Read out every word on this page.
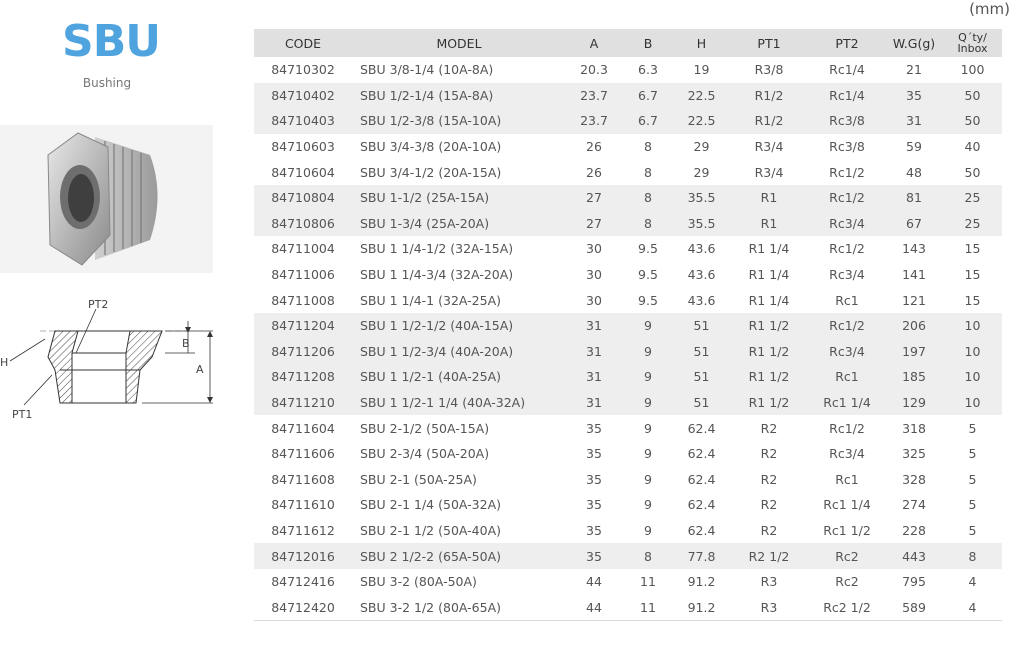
SBU
Bushing
(mm)
PT2
H
PT1
A
B
CODE	MODEL	A	B	H	PT1	PT2	W.G(g)	Q´ty/ Inbox
84710302	SBU 3/8-1/4 (10A-8A)	20.3	6.3	19	R3/8	Rc1/4	21	100
84710402	SBU 1/2-1/4 (15A-8A)	23.7	6.7	22.5	R1/2	Rc1/4	35	50
84710403	SBU 1/2-3/8 (15A-10A)	23.7	6.7	22.5	R1/2	Rc3/8	31	50
84710603	SBU 3/4-3/8 (20A-10A)	26	8	29	R3/4	Rc3/8	59	40
84710604	SBU 3/4-1/2 (20A-15A)	26	8	29	R3/4	Rc1/2	48	50
84710804	SBU 1-1/2 (25A-15A)	27	8	35.5	R1	Rc1/2	81	25
84710806	SBU 1-3/4 (25A-20A)	27	8	35.5	R1	Rc3/4	67	25
84711004	SBU 1 1/4-1/2 (32A-15A)	30	9.5	43.6	R1 1/4	Rc1/2	143	15
84711006	SBU 1 1/4-3/4 (32A-20A)	30	9.5	43.6	R1 1/4	Rc3/4	141	15
84711008	SBU 1 1/4-1 (32A-25A)	30	9.5	43.6	R1 1/4	Rc1	121	15
84711204	SBU 1 1/2-1/2 (40A-15A)	31	9	51	R1 1/2	Rc1/2	206	10
84711206	SBU 1 1/2-3/4 (40A-20A)	31	9	51	R1 1/2	Rc3/4	197	10
84711208	SBU 1 1/2-1 (40A-25A)	31	9	51	R1 1/2	Rc1	185	10
84711210	SBU 1 1/2-1 1/4 (40A-32A)	31	9	51	R1 1/2	Rc1 1/4	129	10
84711604	SBU 2-1/2 (50A-15A)	35	9	62.4	R2	Rc1/2	318	5
84711606	SBU 2-3/4 (50A-20A)	35	9	62.4	R2	Rc3/4	325	5
84711608	SBU 2-1 (50A-25A)	35	9	62.4	R2	Rc1	328	5
84711610	SBU 2-1 1/4 (50A-32A)	35	9	62.4	R2	Rc1 1/4	274	5
84711612	SBU 2-1 1/2 (50A-40A)	35	9	62.4	R2	Rc1 1/2	228	5
84712016	SBU 2 1/2-2 (65A-50A)	35	8	77.8	R2 1/2	Rc2	443	8
84712416	SBU 3-2 (80A-50A)	44	11	91.2	R3	Rc2	795	4
84712420	SBU 3-2 1/2 (80A-65A)	44	11	91.2	R3	Rc2 1/2	589	4
